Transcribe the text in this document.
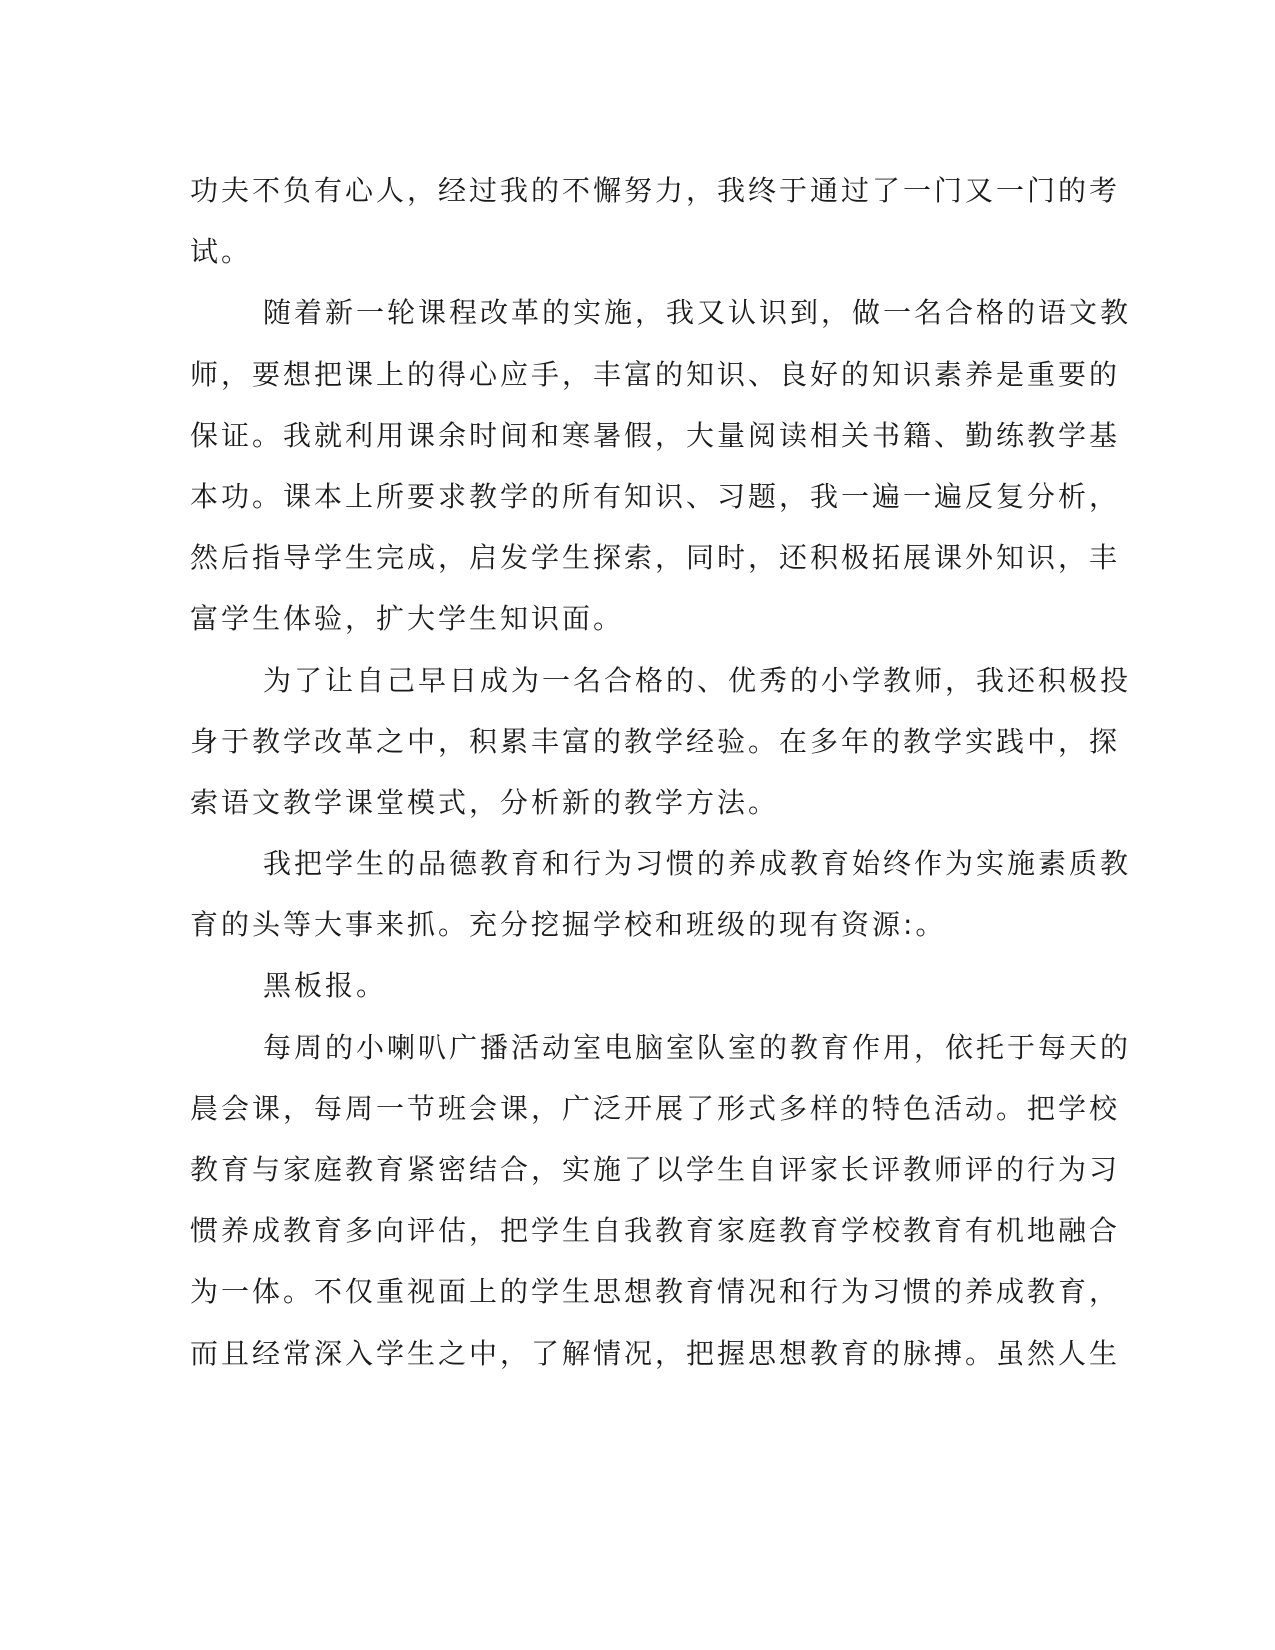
功夫不负有心人，经过我的不懈努力，我终于通过了一门又一门的考
试。
随着新一轮课程改革的实施，我又认识到，做一名合格的语文教
师，要想把课上的得心应手，丰富的知识、良好的知识素养是重要的
保证。我就利用课余时间和寒暑假，大量阅读相关书籍、勤练教学基
本功。课本上所要求教学的所有知识、习题，我一遍一遍反复分析，
然后指导学生完成，启发学生探索，同时，还积极拓展课外知识，丰
富学生体验，扩大学生知识面。
为了让自己早日成为一名合格的、优秀的小学教师，我还积极投
身于教学改革之中，积累丰富的教学经验。在多年的教学实践中，探
索语文教学课堂模式，分析新的教学方法。
我把学生的品德教育和行为习惯的养成教育始终作为实施素质教
育的头等大事来抓。充分挖掘学校和班级的现有资源:。
黑板报。
每周的小喇叭广播活动室电脑室队室的教育作用，依托于每天的
晨会课，每周一节班会课，广泛开展了形式多样的特色活动。把学校
教育与家庭教育紧密结合，实施了以学生自评家长评教师评的行为习
惯养成教育多向评估，把学生自我教育家庭教育学校教育有机地融合
为一体。不仅重视面上的学生思想教育情况和行为习惯的养成教育，
而且经常深入学生之中，了解情况，把握思想教育的脉搏。虽然人生
